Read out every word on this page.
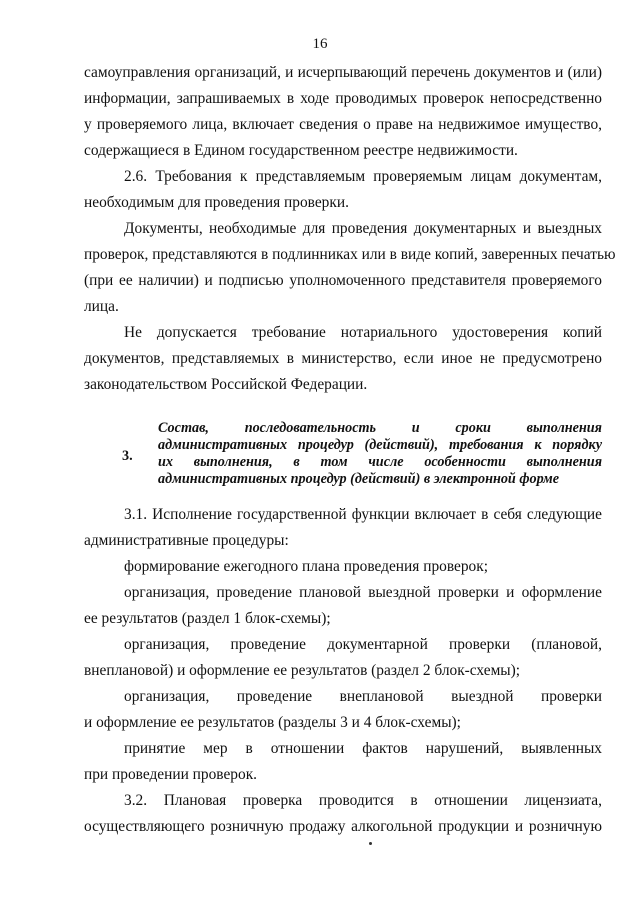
16
самоуправления организаций, и исчерпывающий перечень документов и (или)
информации, запрашиваемых в ходе проводимых проверок непосредственно
у проверяемого лица, включает сведения о праве на недвижимое имущество,
содержащиеся в Едином государственном реестре недвижимости.
2.6. Требования к представляемым проверяемым лицам документам,
необходимым для проведения проверки.
Документы, необходимые для проведения документарных и выездных
проверок, представляются в подлинниках или в виде копий, заверенных печатью
(при ее наличии) и подписью уполномоченного представителя проверяемого
лица.
Не допускается требование нотариального удостоверения копий
документов, представляемых в министерство, если иное не предусмотрено
законодательством Российской Федерации.
3.
Состав, последовательность и сроки выполнения
административных процедур (действий), требования к порядку
их выполнения, в том числе особенности выполнения
административных процедур (действий) в электронной форме
3.1. Исполнение государственной функции включает в себя следующие
административные процедуры:
формирование ежегодного плана проведения проверок;
организация, проведение плановой выездной проверки и оформление
ее результатов (раздел 1 блок-схемы);
организация, проведение документарной проверки (плановой,
внеплановой) и оформление ее результатов (раздел 2 блок-схемы);
организация, проведение внеплановой выездной проверки
и оформление ее результатов (разделы 3 и 4 блок-схемы);
принятие мер в отношении фактов нарушений, выявленных
при проведении проверок.
3.2. Плановая проверка проводится в отношении лицензиата,
осуществляющего розничную продажу алкогольной продукции и розничную
